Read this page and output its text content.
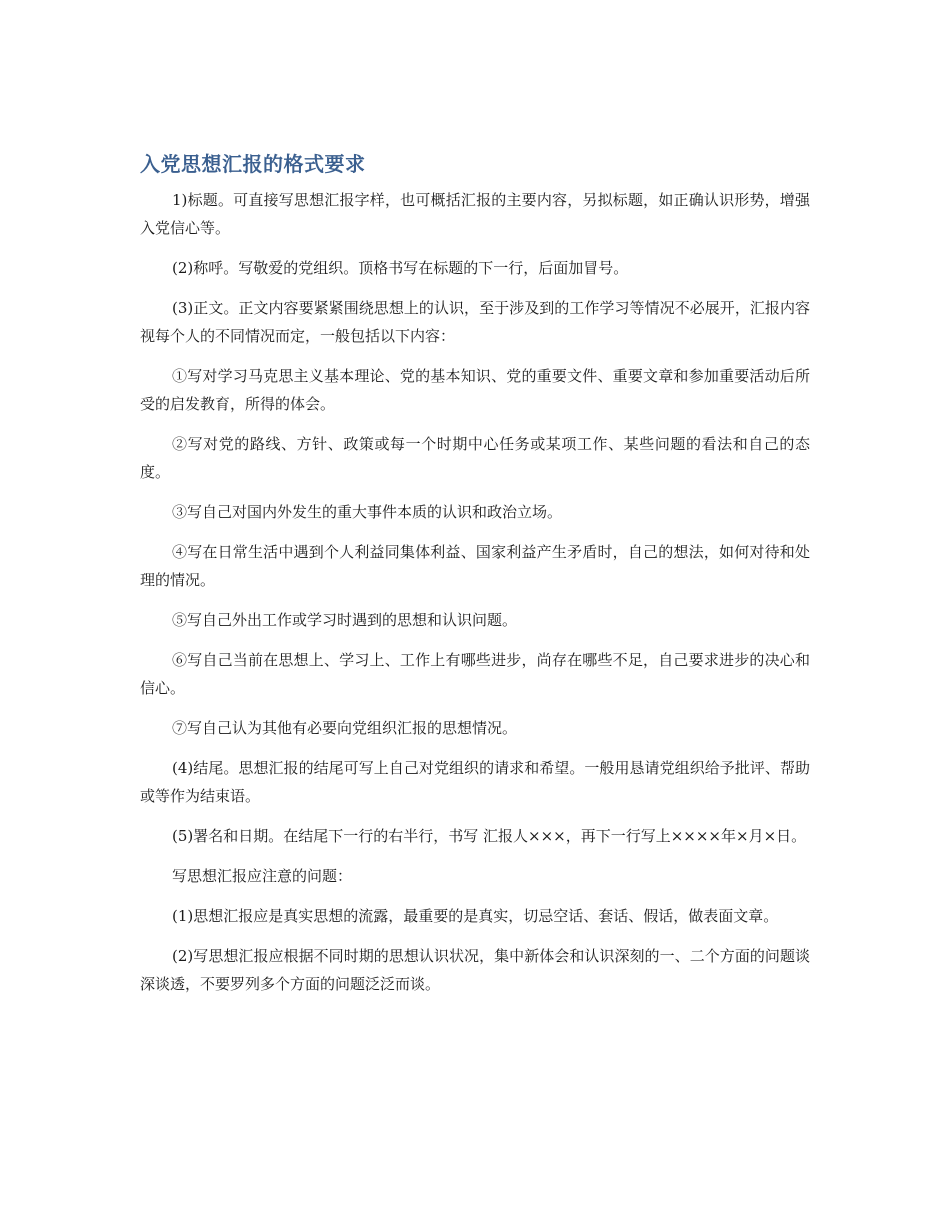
入党思想汇报的格式要求

1)标题。可直接写思想汇报字样，也可概括汇报的主要内容，另拟标题，如正确认识形势，增强入党信心等。

(2)称呼。写敬爱的党组织。顶格书写在标题的下一行，后面加冒号。

(3)正文。正文内容要紧紧围绕思想上的认识，至于涉及到的工作学习等情况不必展开，汇报内容视每个人的不同情况而定，一般包括以下内容：

①写对学习马克思主义基本理论、党的基本知识、党的重要文件、重要文章和参加重要活动后所受的启发教育，所得的体会。

②写对党的路线、方针、政策或每一个时期中心任务或某项工作、某些问题的看法和自己的态度。

③写自己对国内外发生的重大事件本质的认识和政治立场。

④写在日常生活中遇到个人利益同集体利益、国家利益产生矛盾时，自己的想法，如何对待和处理的情况。

⑤写自己外出工作或学习时遇到的思想和认识问题。

⑥写自己当前在思想上、学习上、工作上有哪些进步，尚存在哪些不足，自己要求进步的决心和信心。

⑦写自己认为其他有必要向党组织汇报的思想情况。

(4)结尾。思想汇报的结尾可写上自己对党组织的请求和希望。一般用恳请党组织给予批评、帮助或等作为结束语。

(5)署名和日期。在结尾下一行的右半行，书写 汇报人×××，再下一行写上××××年×月×日。

写思想汇报应注意的问题：

(1)思想汇报应是真实思想的流露，最重要的是真实，切忌空话、套话、假话，做表面文章。

(2)写思想汇报应根据不同时期的思想认识状况，集中新体会和认识深刻的一、二个方面的问题谈深谈透，不要罗列多个方面的问题泛泛而谈。
